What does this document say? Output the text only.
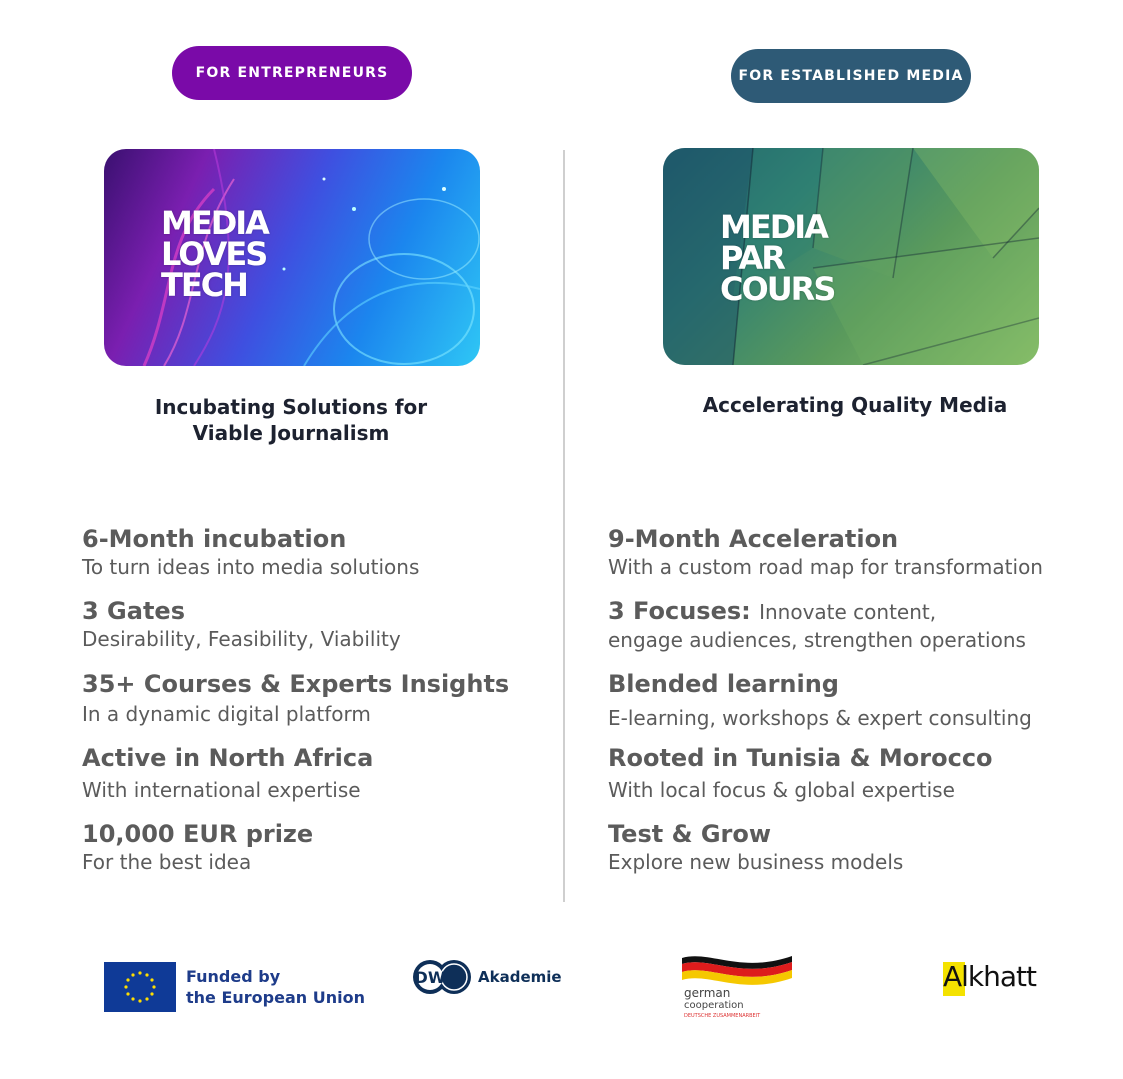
FOR ENTREPRENEURS	FOR ESTABLISHED MEDIA
MEDIA
LOVES
TECH
MEDIA
PAR
COURS
Incubating Solutions for
Viable Journalism
Accelerating Quality Media
6-Month incubation
To turn ideas into media solutions
3 Gates
Desirability, Feasibility, Viability
35+ Courses & Experts Insights
In a dynamic digital platform
Active in North Africa
With international expertise
10,000 EUR prize
For the best idea
9-Month Acceleration
With a custom road map for transformation
3 Focuses: Innovate content,
engage audiences, strengthen operations
Blended learning
E-learning, workshops & expert consulting
Rooted in Tunisia & Morocco
With local focus & global expertise
Test & Grow
Explore new business models
Funded by
the European Union
DW Akademie
german
cooperation
DEUTSCHE ZUSAMMENARBEIT
Alkhatt
